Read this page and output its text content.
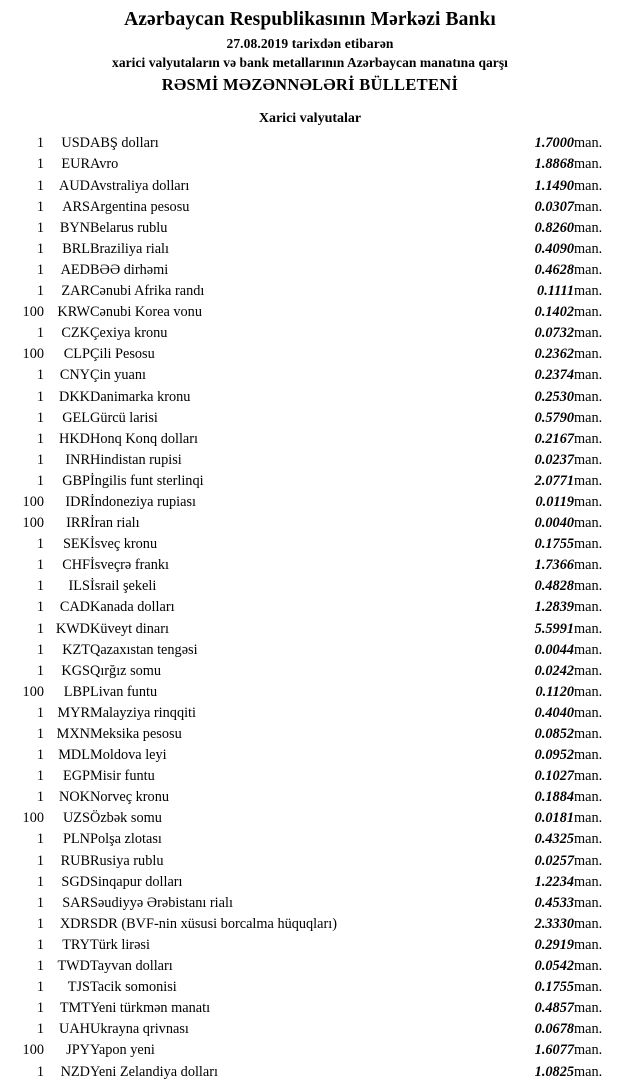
Azərbaycan Respublikasının Mərkəzi Bankı
27.08.2019 tarixdən etibarən
xarici valyutaların və bank metallarının Azərbaycan manatına qarşı
RƏSMİ MƏZƏNNƏLƏRİ BÜLLETENİ
Xarici valyutalar
1	USD	ABŞ dolları	1.7000	man.
1	EUR	Avro	1.8868	man.
1	AUD	Avstraliya dolları	1.1490	man.
1	ARS	Argentina pesosu	0.0307	man.
1	BYN	Belarus rublu	0.8260	man.
1	BRL	Braziliya rialı	0.4090	man.
1	AED	BƏƏ dirhəmi	0.4628	man.
1	ZAR	Cənubi Afrika randı	0.1111	man.
100	KRW	Cənubi Korea vonu	0.1402	man.
1	CZK	Çexiya kronu	0.0732	man.
100	CLP	Çili Pesosu	0.2362	man.
1	CNY	Çin yuanı	0.2374	man.
1	DKK	Danimarka kronu	0.2530	man.
1	GEL	Gürcü larisi	0.5790	man.
1	HKD	Honq Konq dolları	0.2167	man.
1	INR	Hindistan rupisi	0.0237	man.
1	GBP	İngilis funt sterlinqi	2.0771	man.
100	IDR	İndoneziya rupiası	0.0119	man.
100	IRR	İran rialı	0.0040	man.
1	SEK	İsveç kronu	0.1755	man.
1	CHF	İsveçrə frankı	1.7366	man.
1	ILS	İsrail şekeli	0.4828	man.
1	CAD	Kanada dolları	1.2839	man.
1	KWD	Küveyt dinarı	5.5991	man.
1	KZT	Qazaxıstan tengəsi	0.0044	man.
1	KGS	Qırğız somu	0.0242	man.
100	LBP	Livan funtu	0.1120	man.
1	MYR	Malayziya rinqqiti	0.4040	man.
1	MXN	Meksika pesosu	0.0852	man.
1	MDL	Moldova leyi	0.0952	man.
1	EGP	Misir funtu	0.1027	man.
1	NOK	Norveç kronu	0.1884	man.
100	UZS	Özbək somu	0.0181	man.
1	PLN	Polşa zlotası	0.4325	man.
1	RUB	Rusiya rublu	0.0257	man.
1	SGD	Sinqapur dolları	1.2234	man.
1	SAR	Səudiyyə Ərəbistanı rialı	0.4533	man.
1	XDR	SDR (BVF-nin xüsusi borcalma hüquqları)	2.3330	man.
1	TRY	Türk lirəsi	0.2919	man.
1	TWD	Tayvan dolları	0.0542	man.
1	TJS	Tacik somonisi	0.1755	man.
1	TMT	Yeni türkmən manatı	0.4857	man.
1	UAH	Ukrayna qrivnası	0.0678	man.
100	JPY	Yapon yeni	1.6077	man.
1	NZD	Yeni Zelandiya dolları	1.0825	man.
